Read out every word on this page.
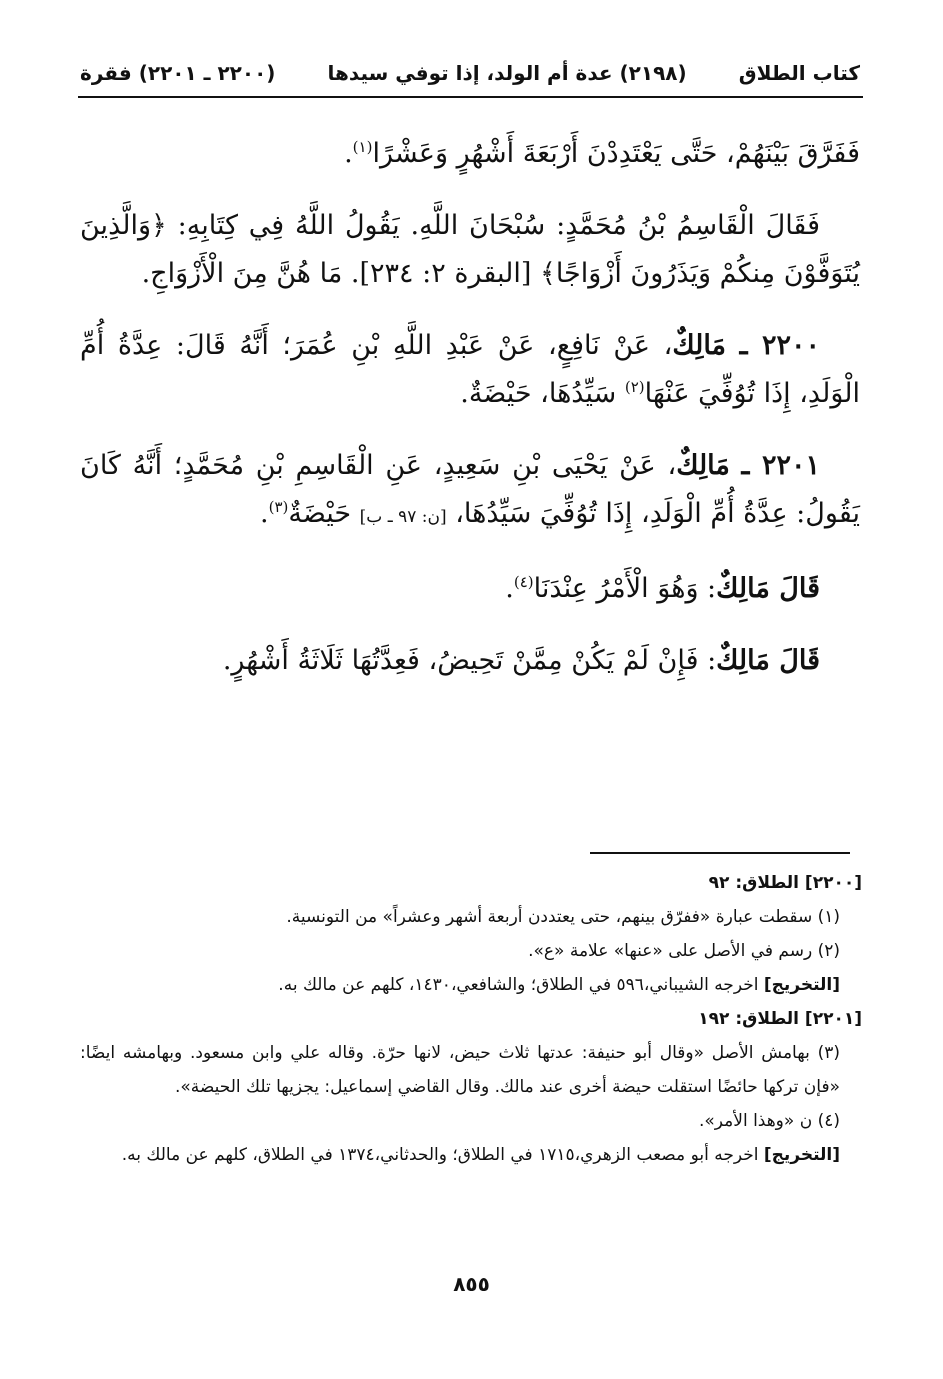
كتاب الطلاق
(٢١٩٨) عدة أم الولد، إذا توفي سيدها
(٢٢٠٠ ـ ٢٢٠١) فقرة

فَفَرَّقَ بَيْنَهُمْ، حَتَّى يَعْتَدِدْنَ أَرْبَعَةَ أَشْهُرٍ وَعَشْرًا$^{(١)}$.

فَقَالَ الْقَاسِمُ بْنُ مُحَمَّدٍ: سُبْحَانَ اللَّهِ. يَقُولُ اللَّهُ فِي كِتَابِهِ: ﴿وَالَّذِينَ يُتَوَفَّوْنَ مِنكُمْ وَيَذَرُونَ أَزْوَاجًا﴾ [البقرة ٢: ٢٣٤]. مَا هُنَّ مِنَ الْأَزْوَاجِ.

٢٢٠٠ ـ مَالِكٌ، عَنْ نَافِعٍ، عَنْ عَبْدِ اللَّهِ بْنِ عُمَرَ؛ أَنَّهُ قَالَ: عِدَّةُ أُمِّ الْوَلَدِ، إِذَا تُوُفِّيَ عَنْهَا$^{(٢)}$ سَيِّدُهَا، حَيْضَةٌ.

٢٢٠١ ـ مَالِكٌ، عَنْ يَحْيَى بْنِ سَعِيدٍ، عَنِ الْقَاسِمِ بْنِ مُحَمَّدٍ؛ أَنَّهُ كَانَ يَقُولُ: عِدَّةُ أُمِّ الْوَلَدِ، إِذَا تُوُفِّيَ سَيِّدُهَا، [ن: ٩٧ ـ ب] حَيْضَةٌ$^{(٣)}$.

قَالَ مَالِكٌ: وَهُوَ الْأَمْرُ عِنْدَنَا$^{(٤)}$.

قَالَ مَالِكٌ: فَإِنْ لَمْ يَكُنْ مِمَّنْ تَحِيضُ، فَعِدَّتُهَا ثَلَاثَةُ أَشْهُرٍ.

[٢٢٠٠] الطلاق: ٩٢

(١) سقطت عبارة «ففرّق بينهم، حتى يعتددن أربعة أشهر وعشراً» من التونسية.

(٢) رسم في الأصل على «عنها» علامة «ع».

[التخريج] اخرجه الشيباني،٥٩٦ في الطلاق؛ والشافعي،١٤٣٠، كلهم عن مالك به.

[٢٢٠١] الطلاق: ١٩٢

(٣) بهامش الأصل «وقال أبو حنيفة: عدتها ثلاث حيض، لانها حرّة. وقاله علي وابن مسعود. وبهامشه ايضًا: «فإن تركها حائضًا استقلت حيضة أخرى عند مالك. وقال القاضي إسماعيل: يجزيها تلك الحيضة».

(٤) ن «وهذا الأمر».

[التخريج] اخرجه أبو مصعب الزهري،١٧١٥ في الطلاق؛ والحدثاني،١٣٧٤ في الطلاق، كلهم عن مالك به.

٨٥٥
